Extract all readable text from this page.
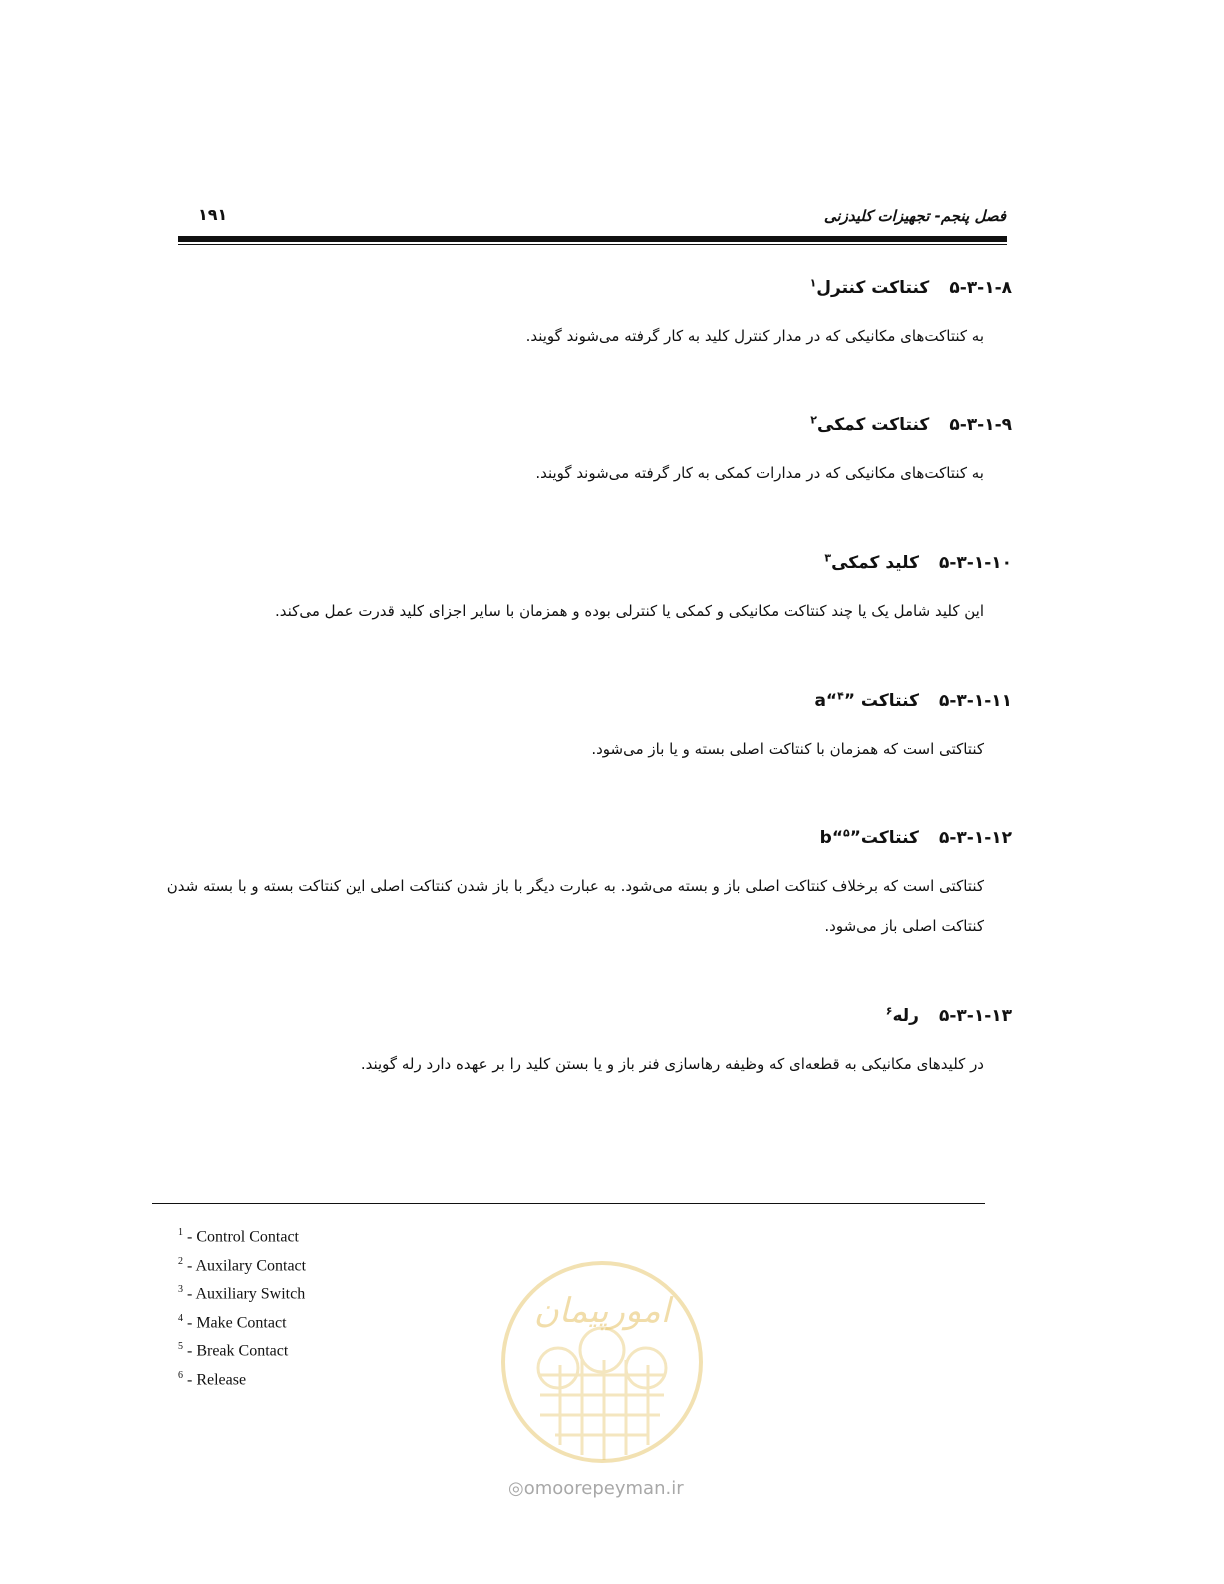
فصل پنجم- تجهیزات کلیدزنی
۱۹۱
۵-۳-۱-۸کنتاکت کنترل$^۱$
به کنتاکت‌های مکانیکی که در مدار کنترل کلید به کار گرفته می‌شوند گویند.
۵-۳-۱-۹کنتاکت کمکی$^۲$
به کنتاکت‌های مکانیکی که در مدارات کمکی به کار گرفته می‌شوند گویند.
۵-۳-۱-۱۰کلید کمکی$^۳$
این کلید شامل یک یا چند کنتاکت مکانیکی و کمکی یا کنترلی بوده و همزمان با سایر اجزای کلید قدرت عمل می‌کند.
۵-۳-۱-۱۱کنتاکت ”a“$^۴$
کنتاکتی است که همزمان با کنتاکت اصلی بسته و یا باز می‌شود.
۵-۳-۱-۱۲کنتاکت”b“$^۵$
کنتاکتی است که برخلاف کنتاکت اصلی باز و بسته می‌شود. به عبارت دیگر با باز شدن کنتاکت اصلی این کنتاکت بسته و با بسته شدن کنتاکت اصلی باز می‌شود.
۵-۳-۱-۱۳رله$^۶$
در کلیدهای مکانیکی به قطعه‌ای که وظیفه رهاسازی فنر باز و یا بستن کلید را بر عهده دارد رله گویند.
$^1$ - Control Contact
$^2$ - Auxilary Contact
$^3$ - Auxiliary Switch
$^4$ - Make Contact
$^5$ - Break Contact
$^6$ - Release
امورپیمان
◎omoorepeyman.ir
